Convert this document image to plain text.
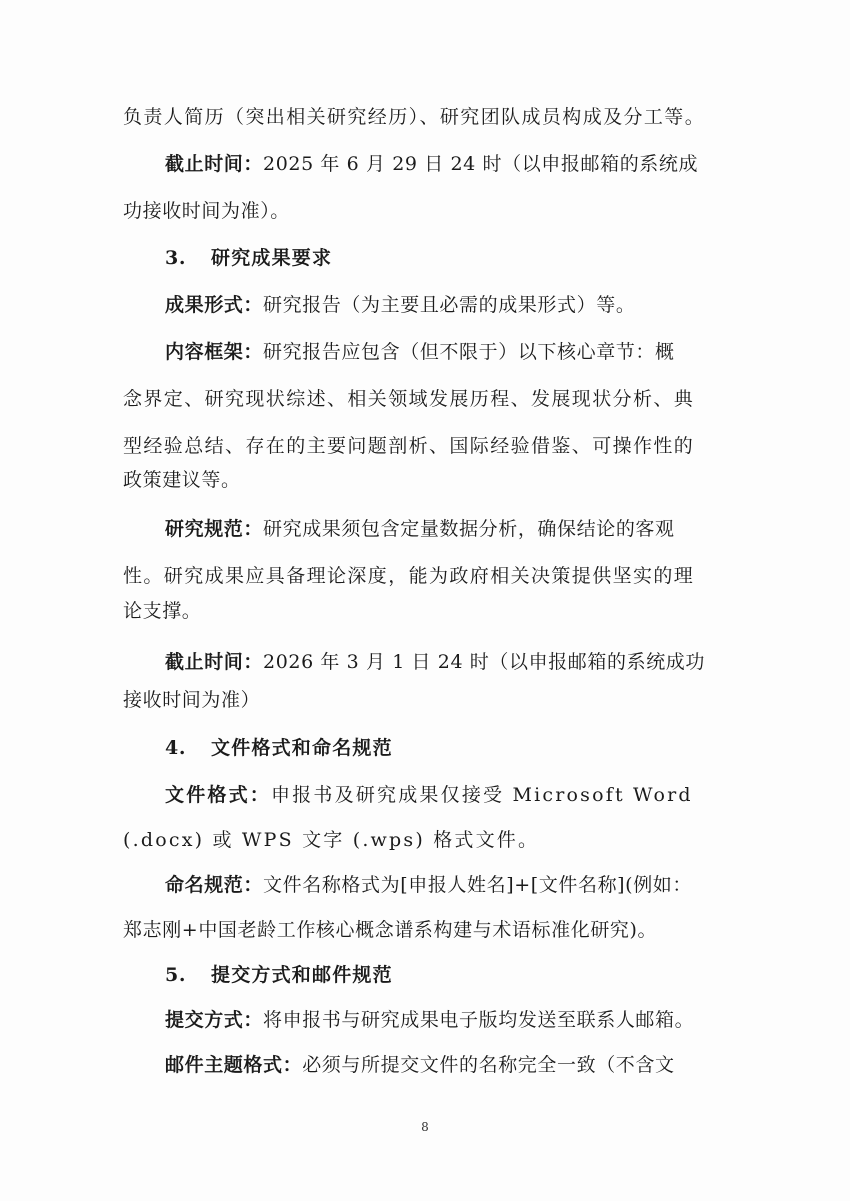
负责人简历（突出相关研究经历）、研究团队成员构成及分工等。
截止时间：2025 年 6 月 29 日 24 时（以申报邮箱的系统成
功接收时间为准）。
3. 研究成果要求
成果形式：研究报告（为主要且必需的成果形式）等。
内容框架：研究报告应包含（但不限于）以下核心章节：概
念界定、研究现状综述、相关领域发展历程、发展现状分析、典
型经验总结、存在的主要问题剖析、国际经验借鉴、可操作性的
政策建议等。
研究规范：研究成果须包含定量数据分析，确保结论的客观
性。研究成果应具备理论深度，能为政府相关决策提供坚实的理
论支撑。
截止时间：2026 年 3 月 1 日 24 时（以申报邮箱的系统成功
接收时间为准）
4. 文件格式和命名规范
文件格式：申报书及研究成果仅接受 Microsoft Word
(.docx) 或 WPS 文字 (.wps) 格式文件。
命名规范：文件名称格式为[申报人姓名]+[文件名称](例如：
郑志刚+中国老龄工作核心概念谱系构建与术语标准化研究)。
5. 提交方式和邮件规范
提交方式：将申报书与研究成果电子版均发送至联系人邮箱。
邮件主题格式：必须与所提交文件的名称完全一致（不含文
8
